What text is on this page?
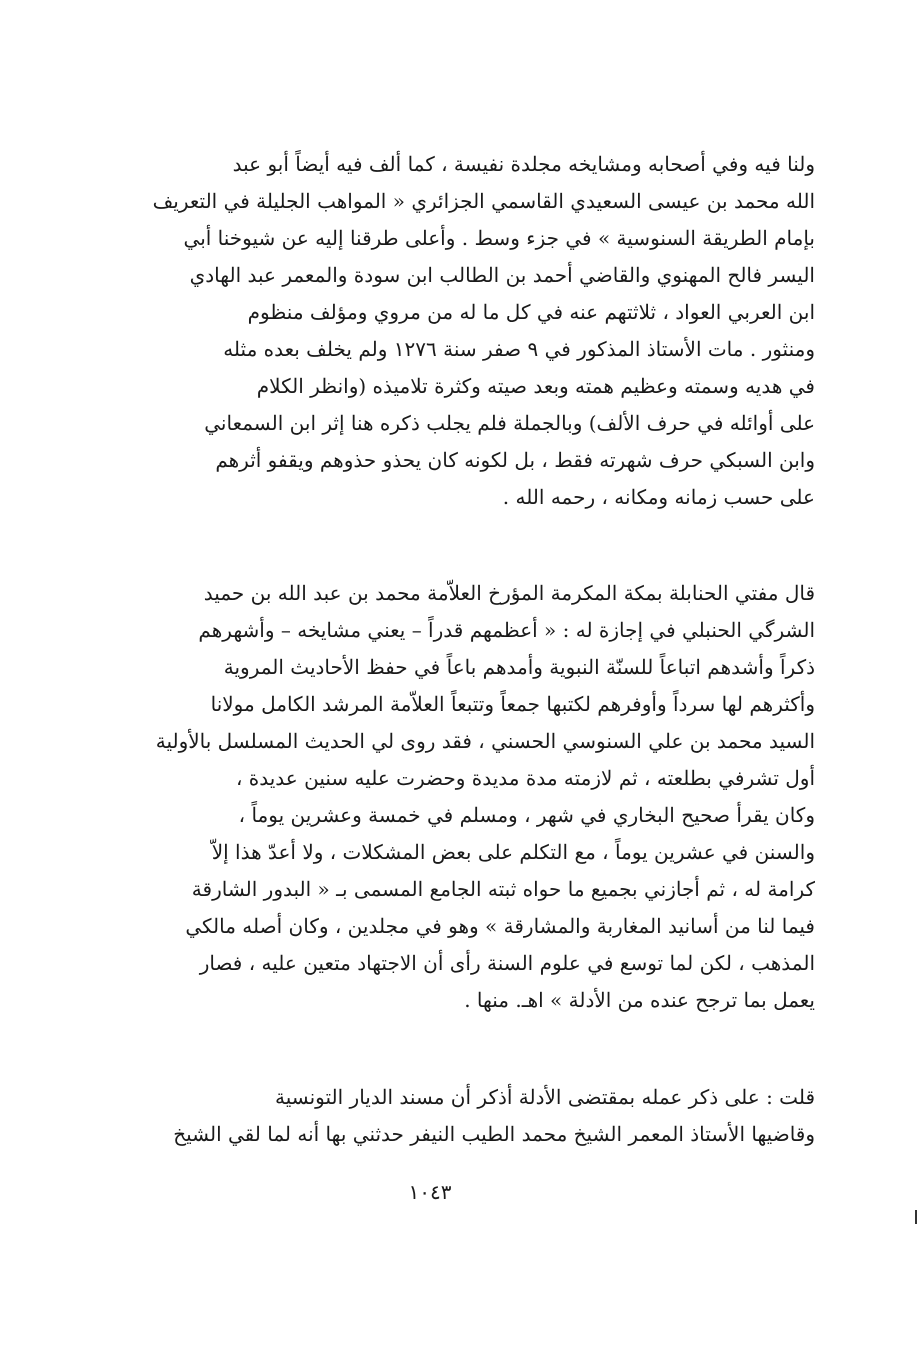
ولنا فيه وفي أصحابه ومشايخه مجلدة نفيسة ، كما ألف فيه أيضاً أبو عبد
الله محمد بن عيسى السعيدي القاسمي الجزائري « المواهب الجليلة في التعريف
بإمام الطريقة السنوسية » في جزء وسط . وأعلى طرقنا إليه عن شيوخنا أبي
اليسر فالح المهنوي والقاضي أحمد بن الطالب ابن سودة والمعمر عبد الهادي
ابن العربي العواد ، ثلاثتهم عنه في كل ما له من مروي ومؤلف منظوم
ومنثور . مات الأستاذ المذكور في ٩ صفر سنة ١٢٧٦ ولم يخلف بعده مثله
في هديه وسمته وعظيم همته وبعد صيته وكثرة تلاميذه (وانظر الكلام
على أوائله في حرف الألف) وبالجملة فلم يجلب ذكره هنا إثر ابن السمعاني
وابن السبكي حرف شهرته فقط ، بل لكونه كان يحذو حذوهم ويقفو أثرهم
على حسب زمانه ومكانه ، رحمه الله .
قال مفتي الحنابلة بمكة المكرمة المؤرخ العلاّمة محمد بن عبد الله بن حميد
الشرگي الحنبلي في إجازة له : « أعظمهم قدراً – يعني مشايخه – وأشهرهم
ذكراً وأشدهم اتباعاً للسنّة النبوية وأمدهم باعاً في حفظ الأحاديث المروية
وأكثرهم لها سرداً وأوفرهم لكتبها جمعاً وتتبعاً العلاّمة المرشد الكامل مولانا
السيد محمد بن علي السنوسي الحسني ، فقد روى لي الحديث المسلسل بالأولية
أول تشرفي بطلعته ، ثم لازمته مدة مديدة وحضرت عليه سنين عديدة ،
وكان يقرأ صحيح البخاري في شهر ، ومسلم في خمسة وعشرين يوماً ،
والسنن في عشرين يوماً ، مع التكلم على بعض المشكلات ، ولا أعدّ هذا إلاّ
كرامة له ، ثم أجازني بجميع ما حواه ثبته الجامع المسمى بـ « البدور الشارقة
فيما لنا من أسانيد المغاربة والمشارقة » وهو في مجلدين ، وكان أصله مالكي
المذهب ، لكن لما توسع في علوم السنة رأى أن الاجتهاد متعين عليه ، فصار
يعمل بما ترجح عنده من الأدلة » اهـ. منها .
قلت : على ذكر عمله بمقتضى الأدلة أذكر أن مسند الديار التونسية
وقاضيها الأستاذ المعمر الشيخ محمد الطيب النيفر حدثني بها أنه لما لقي الشيخ
١٠٤٣
